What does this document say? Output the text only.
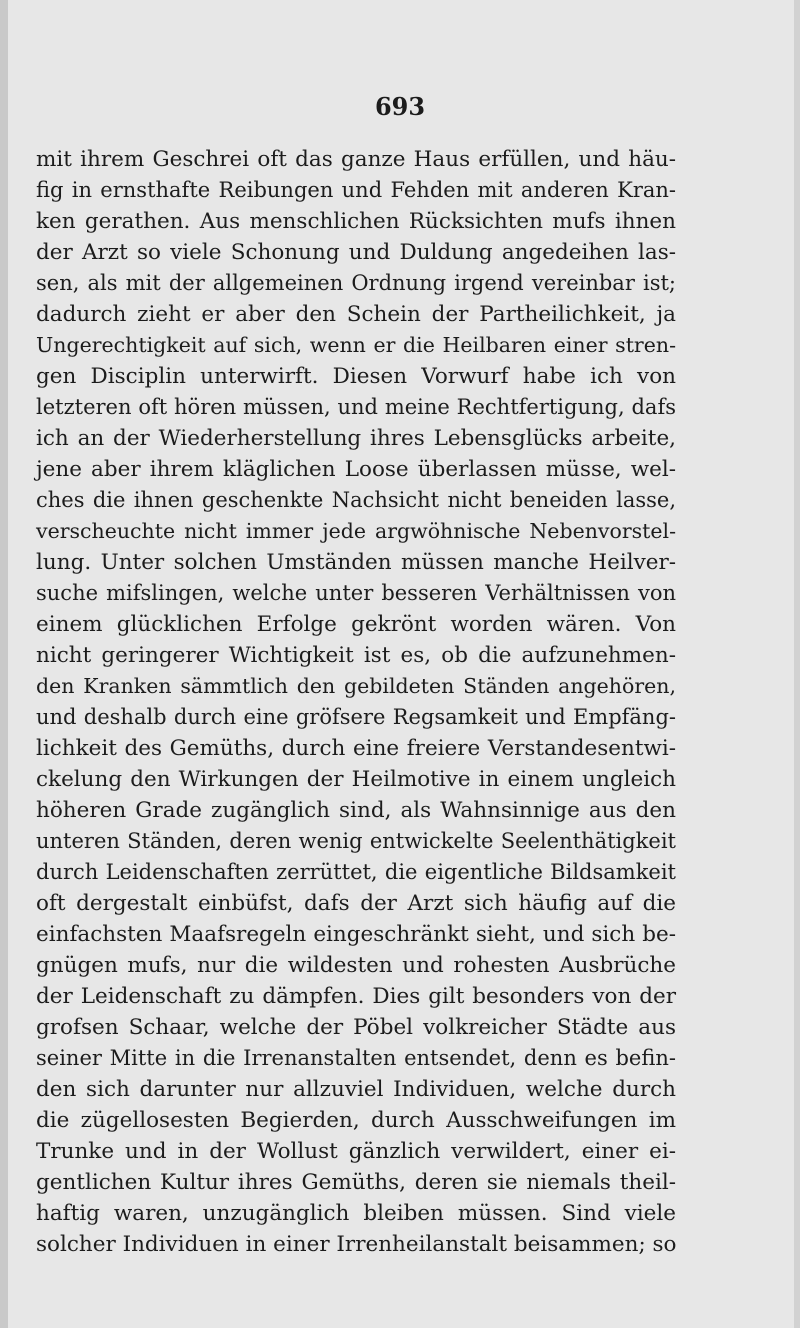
693
mit ihrem Geschrei oft das ganze Haus erfüllen, und häu-
fig in ernsthafte Reibungen und Fehden mit anderen Kran-
ken gerathen. Aus menschlichen Rücksichten mufs ihnen
der Arzt so viele Schonung und Duldung angedeihen las-
sen, als mit der allgemeinen Ordnung irgend vereinbar ist;
dadurch zieht er aber den Schein der Partheilichkeit, ja
Ungerechtigkeit auf sich, wenn er die Heilbaren einer stren-
gen Disciplin unterwirft. Diesen Vorwurf habe ich von
letzteren oft hören müssen, und meine Rechtfertigung, dafs
ich an der Wiederherstellung ihres Lebensglücks arbeite,
jene aber ihrem kläglichen Loose überlassen müsse, wel-
ches die ihnen geschenkte Nachsicht nicht beneiden lasse,
verscheuchte nicht immer jede argwöhnische Nebenvorstel-
lung. Unter solchen Umständen müssen manche Heilver-
suche mifslingen, welche unter besseren Verhältnissen von
einem glücklichen Erfolge gekrönt worden wären. Von
nicht geringerer Wichtigkeit ist es, ob die aufzunehmen-
den Kranken sämmtlich den gebildeten Ständen angehören,
und deshalb durch eine gröfsere Regsamkeit und Empfäng-
lichkeit des Gemüths, durch eine freiere Verstandesentwi-
ckelung den Wirkungen der Heilmotive in einem ungleich
höheren Grade zugänglich sind, als Wahnsinnige aus den
unteren Ständen, deren wenig entwickelte Seelenthätigkeit
durch Leidenschaften zerrüttet, die eigentliche Bildsamkeit
oft dergestalt einbüfst, dafs der Arzt sich häufig auf die
einfachsten Maafsregeln eingeschränkt sieht, und sich be-
gnügen mufs, nur die wildesten und rohesten Ausbrüche
der Leidenschaft zu dämpfen. Dies gilt besonders von der
grofsen Schaar, welche der Pöbel volkreicher Städte aus
seiner Mitte in die Irrenanstalten entsendet, denn es befin-
den sich darunter nur allzuviel Individuen, welche durch
die zügellosesten Begierden, durch Ausschweifungen im
Trunke und in der Wollust gänzlich verwildert, einer ei-
gentlichen Kultur ihres Gemüths, deren sie niemals theil-
haftig waren, unzugänglich bleiben müssen. Sind viele
solcher Individuen in einer Irrenheilanstalt beisammen; so
